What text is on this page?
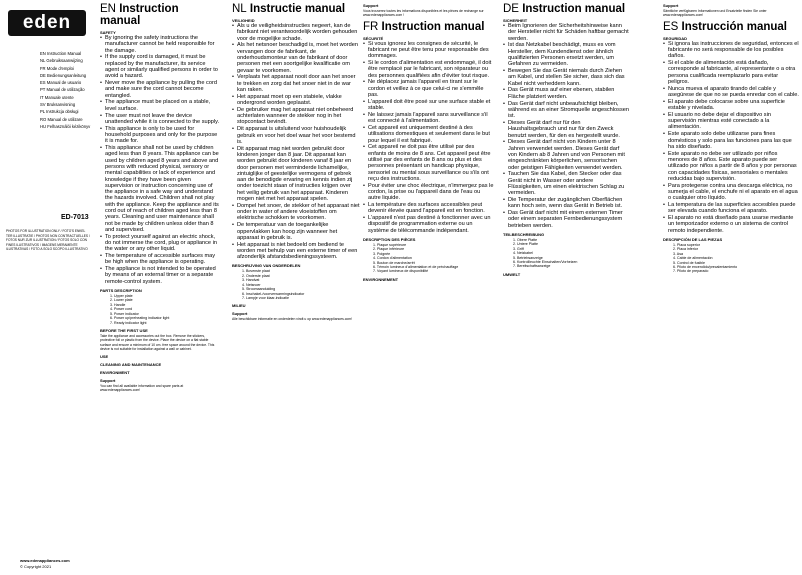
eden
EN Instruction Manual
NL Gebruiksaanwijzing
FR Mode d'emploi
DE Bedienungsanleitung
ES Manual de usuario
PT Manual de utilização
IT Manuale utente
SV Bruksanvisning
PL Instrukcja obsługi
RO Manual de utilizare
HU Felhasználói kézikönyv
ED-7013
PHOTOS FOR ILLUSTRATION ONLY / FOTO'S ENKEL TER ILLUSTRATIE / PHOTOS NON CONTRACTUELLES / FOTOS NUR ZUR ILLUSTRATION / FOTOS SOLO CON FINES ILUSTRATIVOS / IMAGENS MERAMENTE ILUSTRATIVAS / FOTO A SOLO SCOPO ILLUSTRATIVO
www.edenappliances.com
© Copyright 2021
EN Instruction manual
SAFETY
• By ignoring the safety instructions the manufacturer cannot be held responsible for the damage.
• If the supply cord is damaged, it must be replaced by the manufacturer, its service agent or similarly qualified persons in order to avoid a hazard.
• Never move the appliance by pulling the cord and make sure the cord cannot become entangled.
• The appliance must be placed on a stable, level surface.
• The user must not leave the device unattended while it is connected to the supply.
• This appliance is only to be used for household purposes and only for the purpose it is made for.
• This appliance shall not be used by children aged less than 8 years. This appliance can be used by children aged 8 years and above and persons with reduced physical, sensory or mental capabilities or lack of experience and knowledge if they have been given supervision or instruction concerning use of the appliance in a safe way and understand the hazards involved. Children shall not play with the appliance. Keep the appliance and its cord out of reach of children aged less than 8 years. Cleaning and user maintenance shall not be made by children unless older than 8 and supervised.
• To protect yourself against an electric shock, do not immerse the cord, plug or appliance in the water or any other liquid.
• The temperature of accessible surfaces may be high when the appliance is operating.
• The appliance is not intended to be operated by means of an external timer or a separate remote-control system.
PARTS DESCRIPTION
1. Upper plate
2. Lower plate
3. Handle
4. Power cord
5. Power indicator
6. Power up/preheating indicator light
7. Ready indicator light
BEFORE THE FIRST USE
Take the appliance and accessories out the box. Remove the stickers, protective foil or plastic from the device. Place the device on a flat stable surface and ensure a minimum of 10 cm. free space around the device. This device is not suitable for installation against a wall or cabinet.
USE
CLEANING AND MAINTENANCE
ENVIRONMENT
Support
You can find all available information and spare parts at www.edenappliances.com!
NL Instructie manual
VEILIGHEID
• Als u de veiligheidsinstructies negeert, kan de fabrikant niet verantwoordelijk worden gehouden voor de mogelijke schade.
• Als het netsnoer beschadigd is, moet het worden vervangen door de fabrikant, de onderhoudsmonteur van de fabrikant of door personen met een soortgelijke kwalificatie om gevaar te voorkomen.
• Verplaats het apparaat nooit door aan het snoer te trekken en zorg dat het snoer niet in de war kan raken.
• Het apparaat moet op een stabiele, vlakke ondergrond worden geplaatst.
• De gebruiker mag het apparaat niet onbeheerd achterlaten wanneer de stekker nog in het stopcontact bevindt.
• Dit apparaat is uitsluitend voor huishoudelijk gebruik en voor het doel waar het voor bestemd is.
• Dit apparaat mag niet worden gebruikt door kinderen jonger dan 8 jaar. Dit apparaat kan worden gebruikt door kinderen vanaf 8 jaar en door personen met verminderde lichamelijke, zintuiglijke of geestelijke vermogens of gebrek aan de benodigde ervaring en kennis indien zij onder toezicht staan of instructies krijgen over het veilig gebruik van het apparaat. Kinderen mogen niet met het apparaat spelen.
• Dompel het snoer, de stekker of het apparaat niet onder in water of andere vloeistoffen om elektrische schokken te voorkomen.
• De temperatuur van de toegankelijke oppervlakken kan hoog zijn wanneer het apparaat in gebruik is.
• Het apparaat is niet bedoeld om bediend te worden met behulp van een externe timer of een afzonderlijk afstandsbedieningssysteem.
BESCHRIJVING VAN ONDERDELEN
1. Bovenste plaat
2. Onderste plaat
3. Handvat
4. Netsnoer
5. Stroomaanduiding
6. Inschakel-/voorverwarmingsindicator
7. Lampje voor klaar-indicatie
MILIEU
Support
Alle beschikbare informatie en onderdelen vindt u op www.edenappliances.com!
Support
Vous trouverez toutes les informations disponibles et les pièces de rechange sur www.edenappliances.com !
FR Instruction manual
SÉCURITÉ
• Si vous ignorez les consignes de sécurité, le fabricant ne peut être tenu pour responsable des dommages.
• Si le cordon d'alimentation est endommagé, il doit être remplacé par le fabricant, son réparateur ou des personnes qualifiées afin d'éviter tout risque.
• Ne déplacez jamais l'appareil en tirant sur le cordon et veillez à ce que celui-ci ne s'emmêle pas.
• L'appareil doit être posé sur une surface stable et stable.
• Ne laissez jamais l'appareil sans surveillance s'il est connecté à l'alimentation.
• Cet appareil est uniquement destiné à des utilisations domestiques et seulement dans le but pour lequel il est fabriqué.
• Cet appareil ne doit pas être utilisé par des enfants de moins de 8 ans. Cet appareil peut être utilisé par des enfants de 8 ans ou plus et des personnes présentant un handicap physique, sensoriel ou mental sous surveillance ou s'ils ont reçu des instructions.
• Pour éviter une choc électrique, n'immergez pas le cordon, la prise ou l'appareil dans de l'eau ou autre liquide.
• La température des surfaces accessibles peut devenir élevée quand l'appareil est en fonction.
• L'appareil n'est pas destiné à fonctionner avec un dispositif de programmation externe ou un système de télécommande indépendant.
DESCRIPTION DES PIÈCES
1. Plaque supérieure
2. Plaque inférieure
3. Poignée
4. Cordon d'alimentation
5. Bouton de marche/arrêt
6. Témoin lumineux d'alimentation et de préchauffage
7. Voyant lumineux de disponibilité
ENVIRONNEMENT
DE Instruction manual
SICHERHEIT
• Beim Ignorieren der Sicherheitshinweise kann der Hersteller nicht für Schäden haftbar gemacht werden.
• Ist das Netzkabel beschädigt, muss es vom Hersteller, dem Kundendienst oder ähnlich qualifizierten Personen ersetzt werden, um Gefahren zu vermeiden.
• Bewegen Sie das Gerät niemals durch Ziehen am Kabel, und stellen Sie sicher, dass sich das Kabel nicht verheddern kann.
• Das Gerät muss auf einer ebenen, stabilen Fläche platziert werden.
• Das Gerät darf nicht unbeaufsichtigt bleiben, während es an einer Stromquelle angeschlossen ist.
• Dieses Gerät darf nur für den Haushaltsgebrauch und nur für den Zweck benutzt werden, für den es hergestellt wurde.
• Dieses Gerät darf nicht von Kindern unter 8 Jahren verwendet werden. Dieses Gerät darf von Kindern ab 8 Jahren und von Personen mit eingeschränkten körperlichen, sensorischen oder geistigen Fähigkeiten verwendet werden.
• Tauchen Sie das Kabel, den Stecker oder das Gerät nicht in Wasser oder andere Flüssigkeiten, um einen elektrischen Schlag zu vermeiden.
• Die Temperatur der zugänglichen Oberflächen kann hoch sein, wenn das Gerät in Betrieb ist.
• Das Gerät darf nicht mit einem externen Timer oder einem separaten Fernbedienungssystem betrieben werden.
TEILBESCHREIBUNG
1. Obere Platte
2. Untere Platte
3. Griff
4. Netzkabel
5. Betriebsanzeige
6. Kontrollleuchte Einschalten/Vorheizen
7. Bereitschaftsanzeige
UMWELT
Support
Sämtliche verfügbaren Informationen und Ersatzteile finden Sie unter www.edenappliances.com!
ES Instrucción manual
SEGURIDAD
• Si ignora las instrucciones de seguridad, entonces el fabricante no será responsable de los posibles daños.
• Si el cable de alimentación está dañado, corresponde al fabricante, al representante o a otra persona cualificada reemplazarlo para evitar peligros.
• Nunca mueva el aparato tirando del cable y asegúrese de que no se pueda enredar con el cable.
• El aparato debe colocarse sobre una superficie estable y nivelada.
• El usuario no debe dejar el dispositivo sin supervisión mientras esté conectado a la alimentación.
• Este aparato solo debe utilizarse para fines domésticos y solo para las funciones para las que ha sido diseñado.
• Este aparato no debe ser utilizado por niños menores de 8 años. Este aparato puede ser utilizado por niños a partir de 8 años y por personas con capacidades físicas, sensoriales o mentales reducidas bajo supervisión.
• Para protegerse contra una descarga eléctrica, no sumerja el cable, el enchufe ni el aparato en el agua o cualquier otro líquido.
• La temperatura de las superficies accesibles puede ser elevada cuando funciona el aparato.
• El aparato no está diseñado para usarse mediante un temporizador externo o un sistema de control remoto independiente.
DESCRIPCIÓN DE LAS PIEZAS
1. Placa superior
2. Placa inferior
3. Asa
4. Cable de alimentación
5. Control de fusible
6. Piloto de encendido/precalentamiento
7. Piloto de preparado
